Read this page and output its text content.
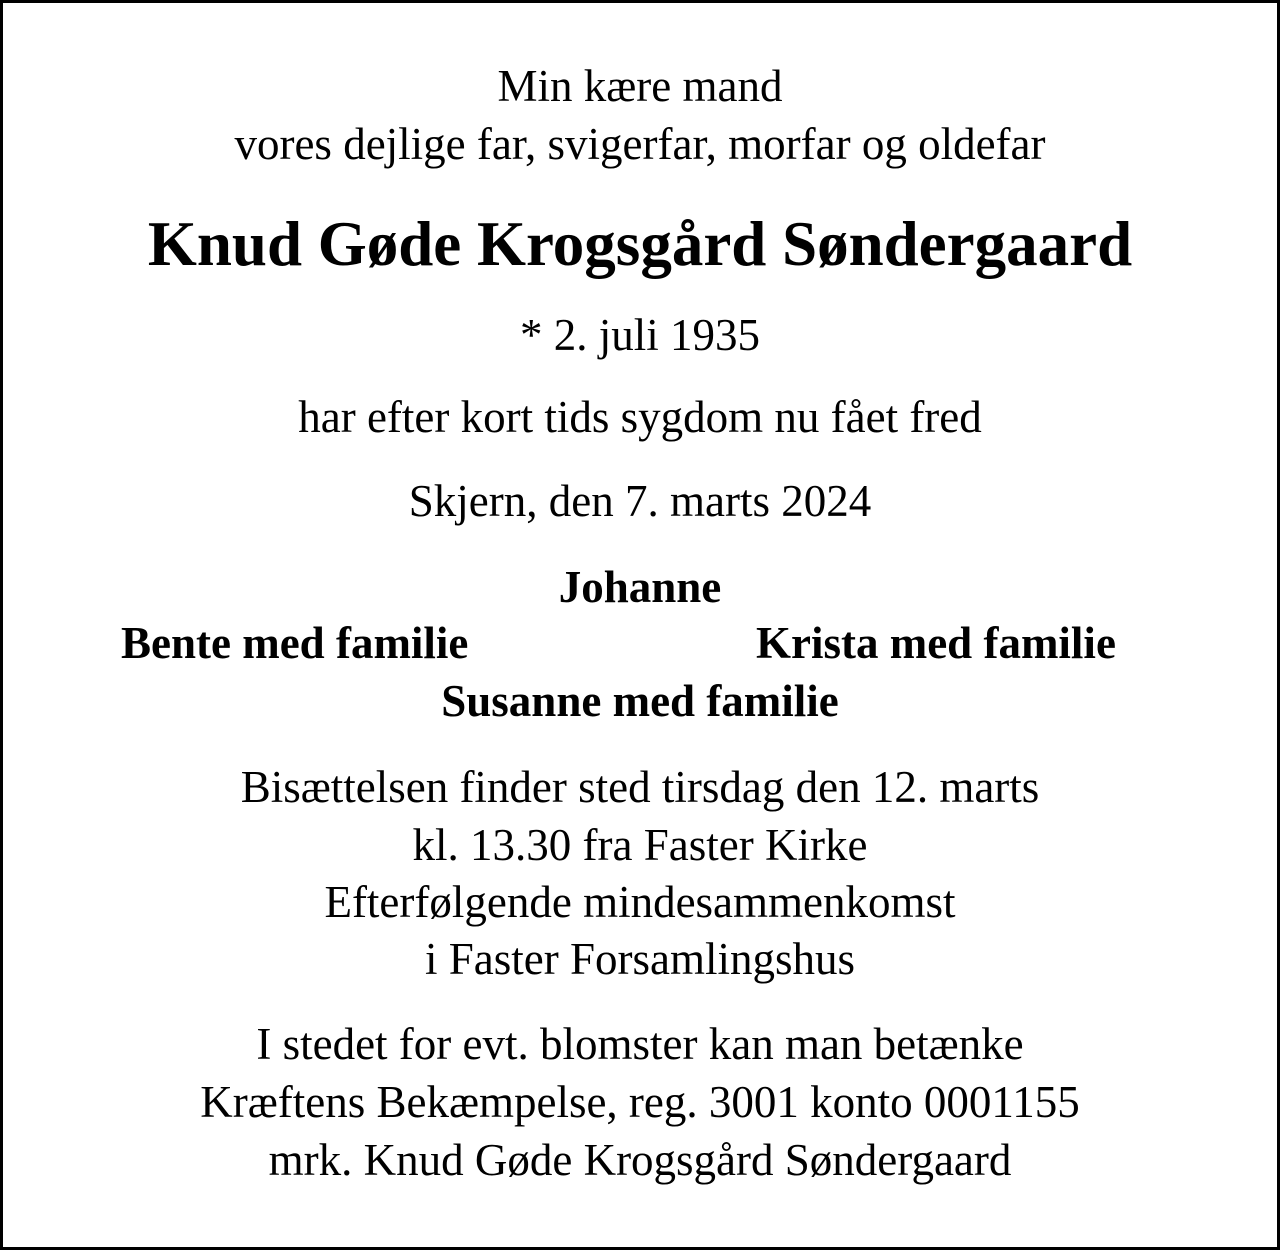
Min kære mand
vores dejlige far, svigerfar, morfar og oldefar
Knud Gøde Krogsgård Søndergaard
* 2. juli 1935
har efter kort tids sygdom nu fået fred
Skjern, den 7. marts 2024
Johanne
Bente med familie	Krista med familie
Susanne med familie
Bisættelsen finder sted tirsdag den 12. marts
kl. 13.30 fra Faster Kirke
Efterfølgende mindesammenkomst
i Faster Forsamlingshus
I stedet for evt. blomster kan man betænke
Kræftens Bekæmpelse, reg. 3001 konto 0001155
mrk. Knud Gøde Krogsgård Søndergaard
